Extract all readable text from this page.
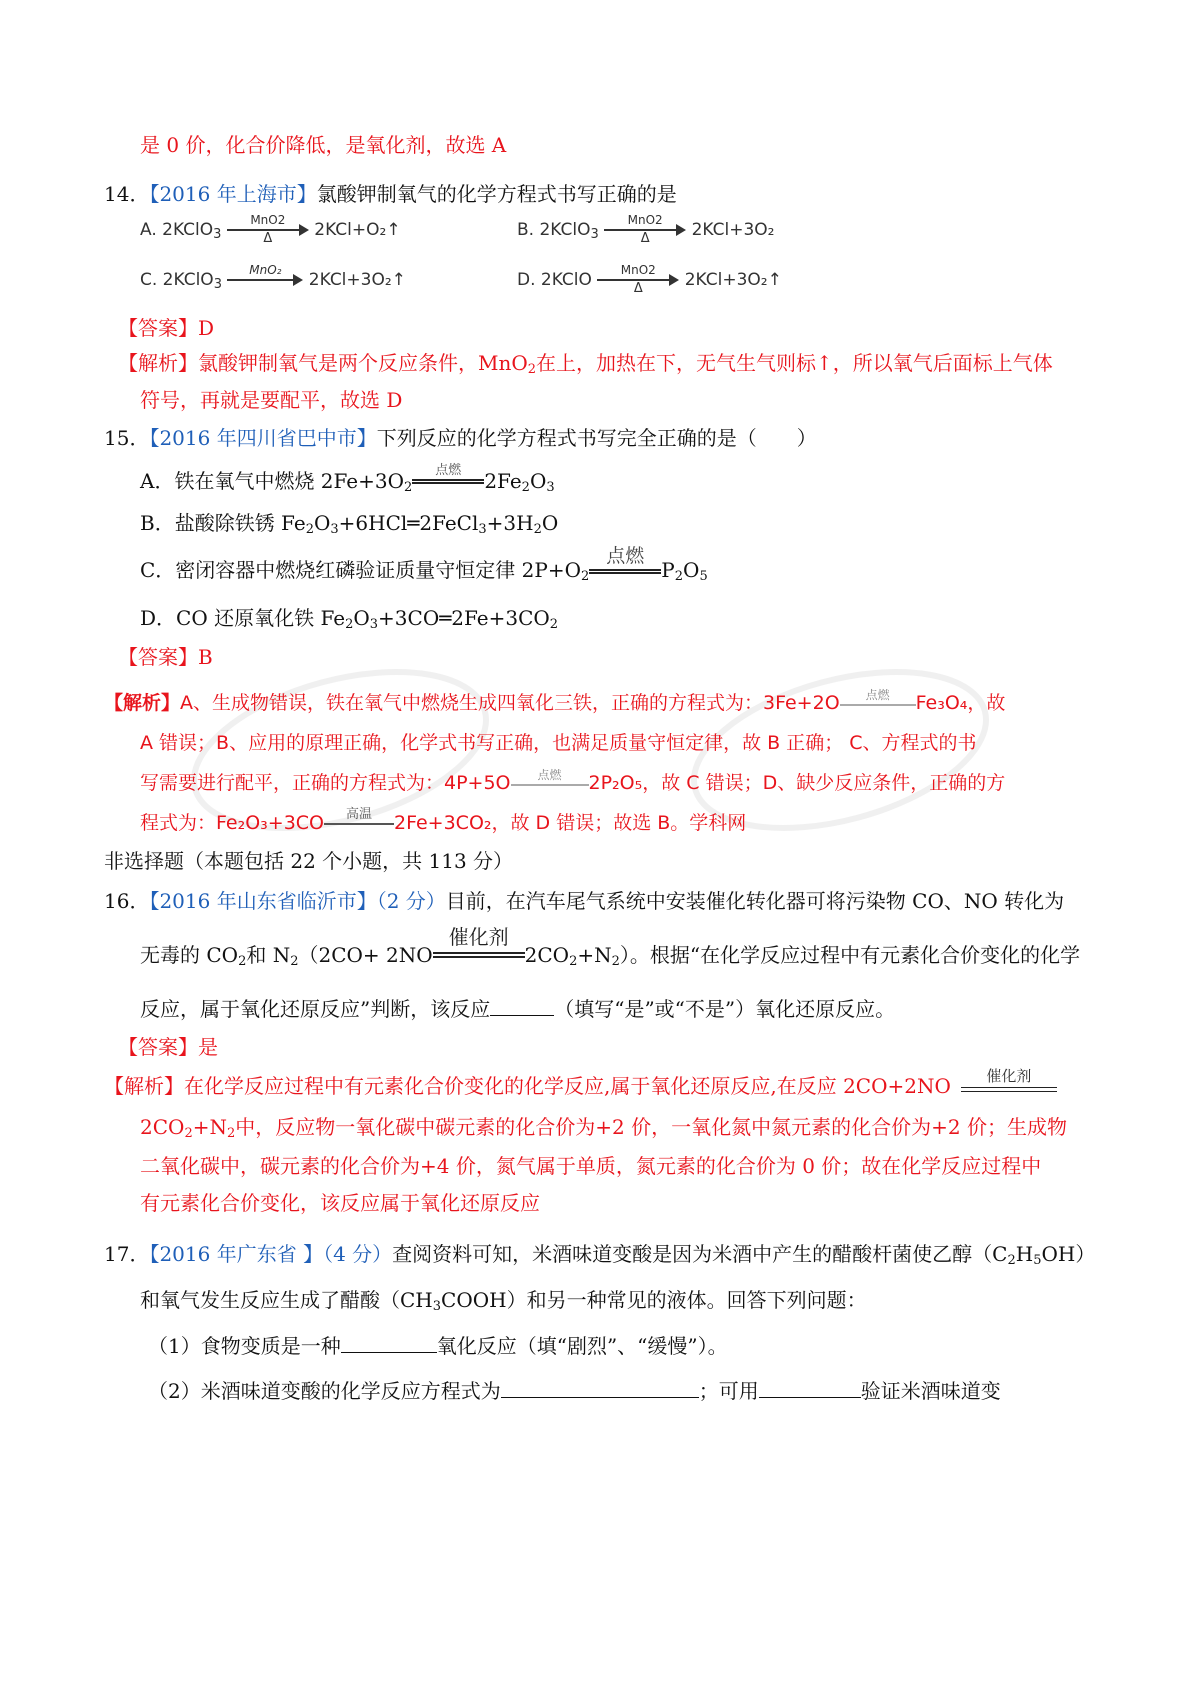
是 0 价，化合价降低，是氧化剂，故选 A
14．【2016 年上海市】氯酸钾制氧气的化学方程式书写正确的是
A. 2KClO$_3$
MnO2
Δ	2KCl+O₂↑	B. 2KClO$_3$
MnO2
Δ	2KCl+3O₂
C. 2KClO$_3$
MnO₂	2KCl+3O₂↑	D. 2KClO	MnO2
Δ	2KCl+3O₂↑
【答案】D
【解析】氯酸钾制氧气是两个反应条件，MnO$_2$在上，加热在下，无气生气则标↑，所以氧气后面标上气体
符号，再就是要配平，故选 D
15．【2016 年四川省巴中市】下列反应的化学方程式书写完全正确的是（　　）
A．铁在氧气中燃烧 $2Fe+3O_2$
点燃	$2Fe_2O_3$
B．盐酸除铁锈 $Fe_2O_3+6HCl═2FeCl_3+3H_2O$
C．密闭容器中燃烧红磷验证质量守恒定律 $2P+O_2$
点燃
$P_2O_5$
D．CO 还原氧化铁 $Fe_2O_3+3CO═2Fe+3CO_2$
【答案】B
【解析】A、生成物错误，铁在氧气中燃烧生成四氧化三铁，正确的方程式为：3Fe+2O	点燃	Fe₃O₄，故
A 错误；B、应用的原理正确，化学式书写正确，也满足质量守恒定律，故 B 正确； C、方程式的书
写需要进行配平，正确的方程式为：4P+5O	点燃	2P₂O₅，故 C 错误；D、缺少反应条件，正确的方
程式为：Fe₂O₃+3CO	高温	2Fe+3CO₂，故 D 错误；故选 B。学科网
非选择题（本题包括 22 个小题，共 113 分）
16．【2016 年山东省临沂市】（2 分）目前，在汽车尾气系统中安装催化转化器可将污染物 CO、NO 转化为
无毒的 $CO_2$和 $N_2(2CO+ 2NO$
催化剂
$2CO_2+N_2$）。根据“在化学反应过程中有元素化合价变化的化学
反应，属于氧化还原反应”判断，该反应	（填写“是”或“不是”）氧化还原反应。
【答案】是
【解析】在化学反应过程中有元素化合价变化的化学反应,属于氧化还原反应,在反应 2CO+2NO	催化剂
$2CO_2+N_2$中，反应物一氧化碳中碳元素的化合价为+2 价，一氧化氮中氮元素的化合价为+2 价；生成物
二氧化碳中，碳元素的化合价为+4 价，氮气属于单质，氮元素的化合价为 0 价；故在化学反应过程中
有元素化合价变化，该反应属于氧化还原反应
17．【2016 年广东省 】（4 分）查阅资料可知，米酒味道变酸是因为米酒中产生的醋酸杆菌使乙醇$(C_2H_5OH)$
和氧气发生反应生成了醋酸$(CH_3COOH)$和另一种常见的液体。回答下列问题：
（1）食物变质是一种	氧化反应（填“剧烈”、“缓慢”）。
（2）米酒味道变酸的化学反应方程式为	；可用	验证米酒味道变
